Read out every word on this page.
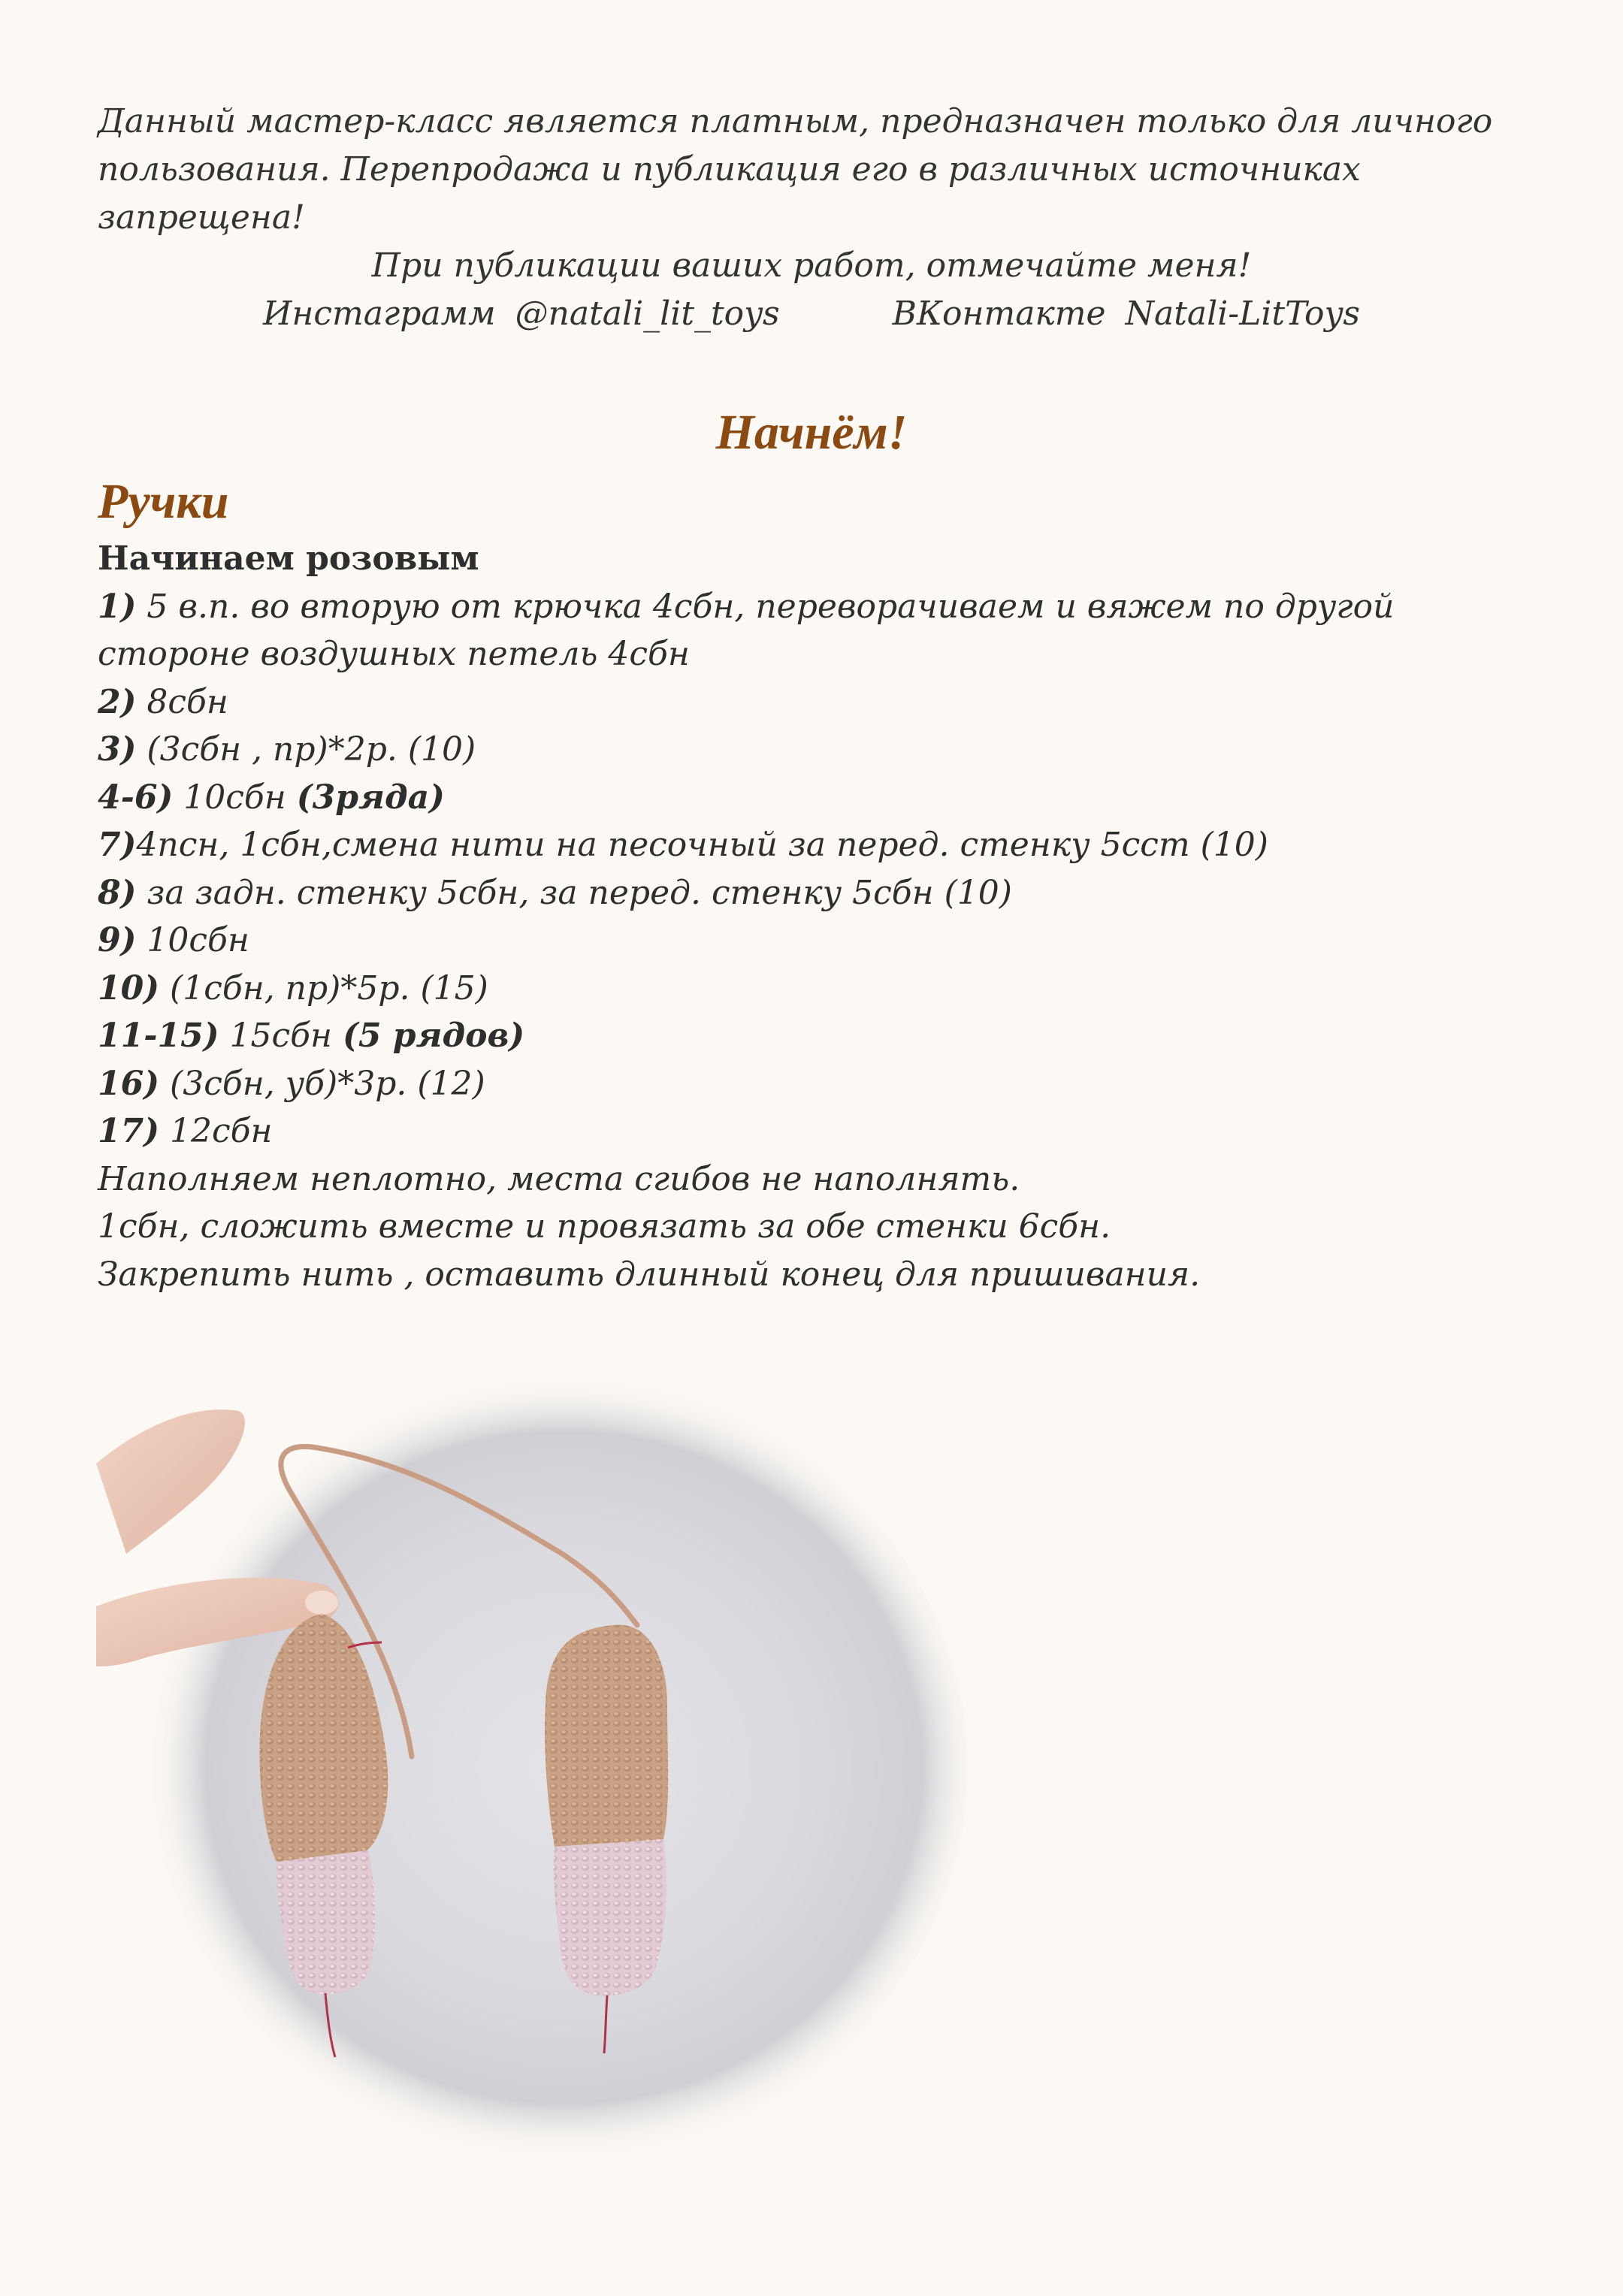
Данный мастер-класс является платным, предназначен только для личного
пользования. Перепродажа и публикация его в различных источниках запрещена!
При публикации ваших работ, отмечайте меня!
Инстаграмм @natali_lit_toys	ВКонтакте Natali-LitToys
Начнём!
Ручки
Начинаем розовым
1) 5 в.п. во вторую от крючка 4сбн, переворачиваем и вяжем по другой стороне воздушных петель 4сбн
2) 8сбн
3) (3сбн , пр)*2р. (10)
4-6) 10сбн (3ряда)
7)4псн, 1сбн,смена нити на песочный за перед. стенку 5сст (10)
8) за задн. стенку 5сбн, за перед. стенку 5сбн (10)
9) 10сбн
10) (1сбн, пр)*5р. (15)
11-15) 15сбн (5 рядов)
16) (3сбн, уб)*3р. (12)
17) 12сбн
Наполняем неплотно, места сгибов не наполнять.
1сбн, сложить вместе и провязать за обе стенки 6сбн.
Закрепить нить , оставить длинный конец для пришивания.
